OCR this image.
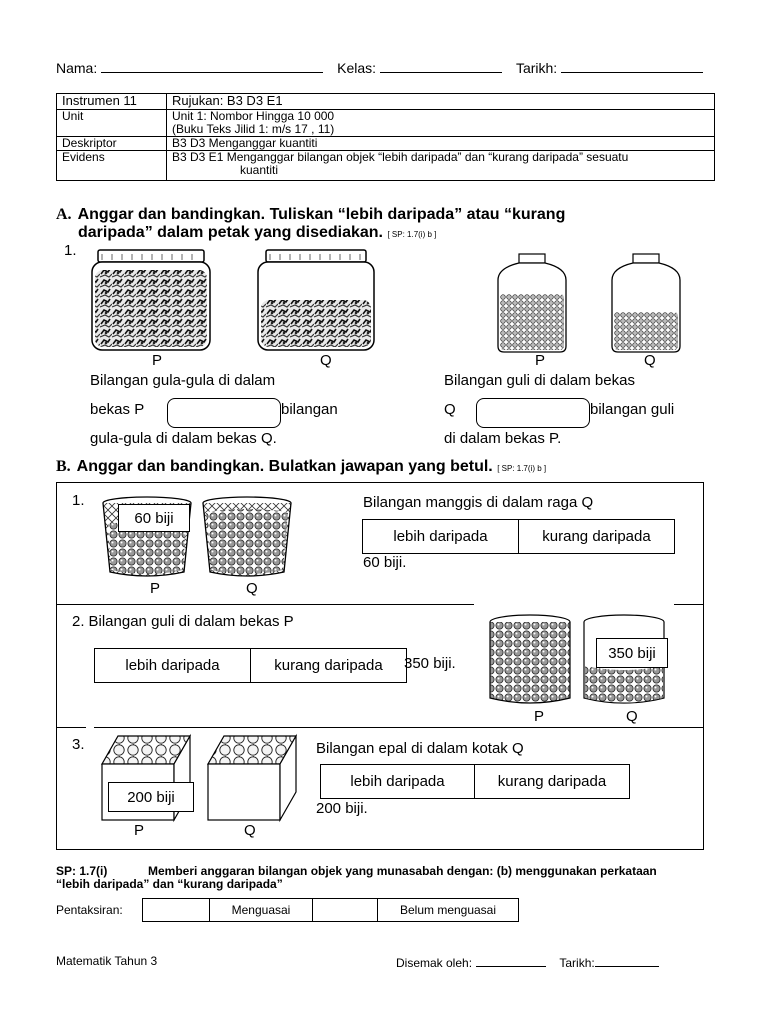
Nama:	Kelas:	Tarikh:
Instrumen 11	Rujukan: B3 D3 E1
Unit	Unit 1: Nombor Hingga 10 000
(Buku Teks Jilid 1: m/s 17 , 11)

Deskriptor	B3 D3 Menganggar kuantiti
Evidens	B3 D3 E1 Menganggar bilangan objek “lebih daripada” dan “kurang daripada” sesuatu
kuantiti
A. Anggar dan bandingkan. Tuliskan “lebih daripada” atau “kurang
daripada” dalam petak yang disediakan. [ SP: 1.7(i) b ]
1.
P	Q	P	Q
Bilangan gula-gula di dalam
bekas P	bilangan
gula-gula di dalam bekas Q.
Bilangan guli di dalam bekas
Q	bilangan guli
di dalam bekas P.
B. Anggar dan bandingkan. Bulatkan jawapan yang betul. [ SP: 1.7(i) b ]
1.
60 biji
P	Q
Bilangan manggis di dalam raga Q
lebih daripada	kurang daripada
60 biji.
2. Bilangan guli di dalam bekas P
lebih daripada	kurang daripada	350 biji.
350 biji
P	Q
3.
200 biji
P	Q
Bilangan epal di dalam kotak Q
lebih daripada	kurang daripada
200 biji.
SP: 1.7(i)	Memberi anggaran bilangan objek yang munasabah dengan: (b) menggunakan perkataan
“lebih daripada” dan “kurang daripada”
Pentaksiran:
		Menguasai		Belum menguasai
Matematik Tahun 3	Disemak oleh:	Tarikh:
